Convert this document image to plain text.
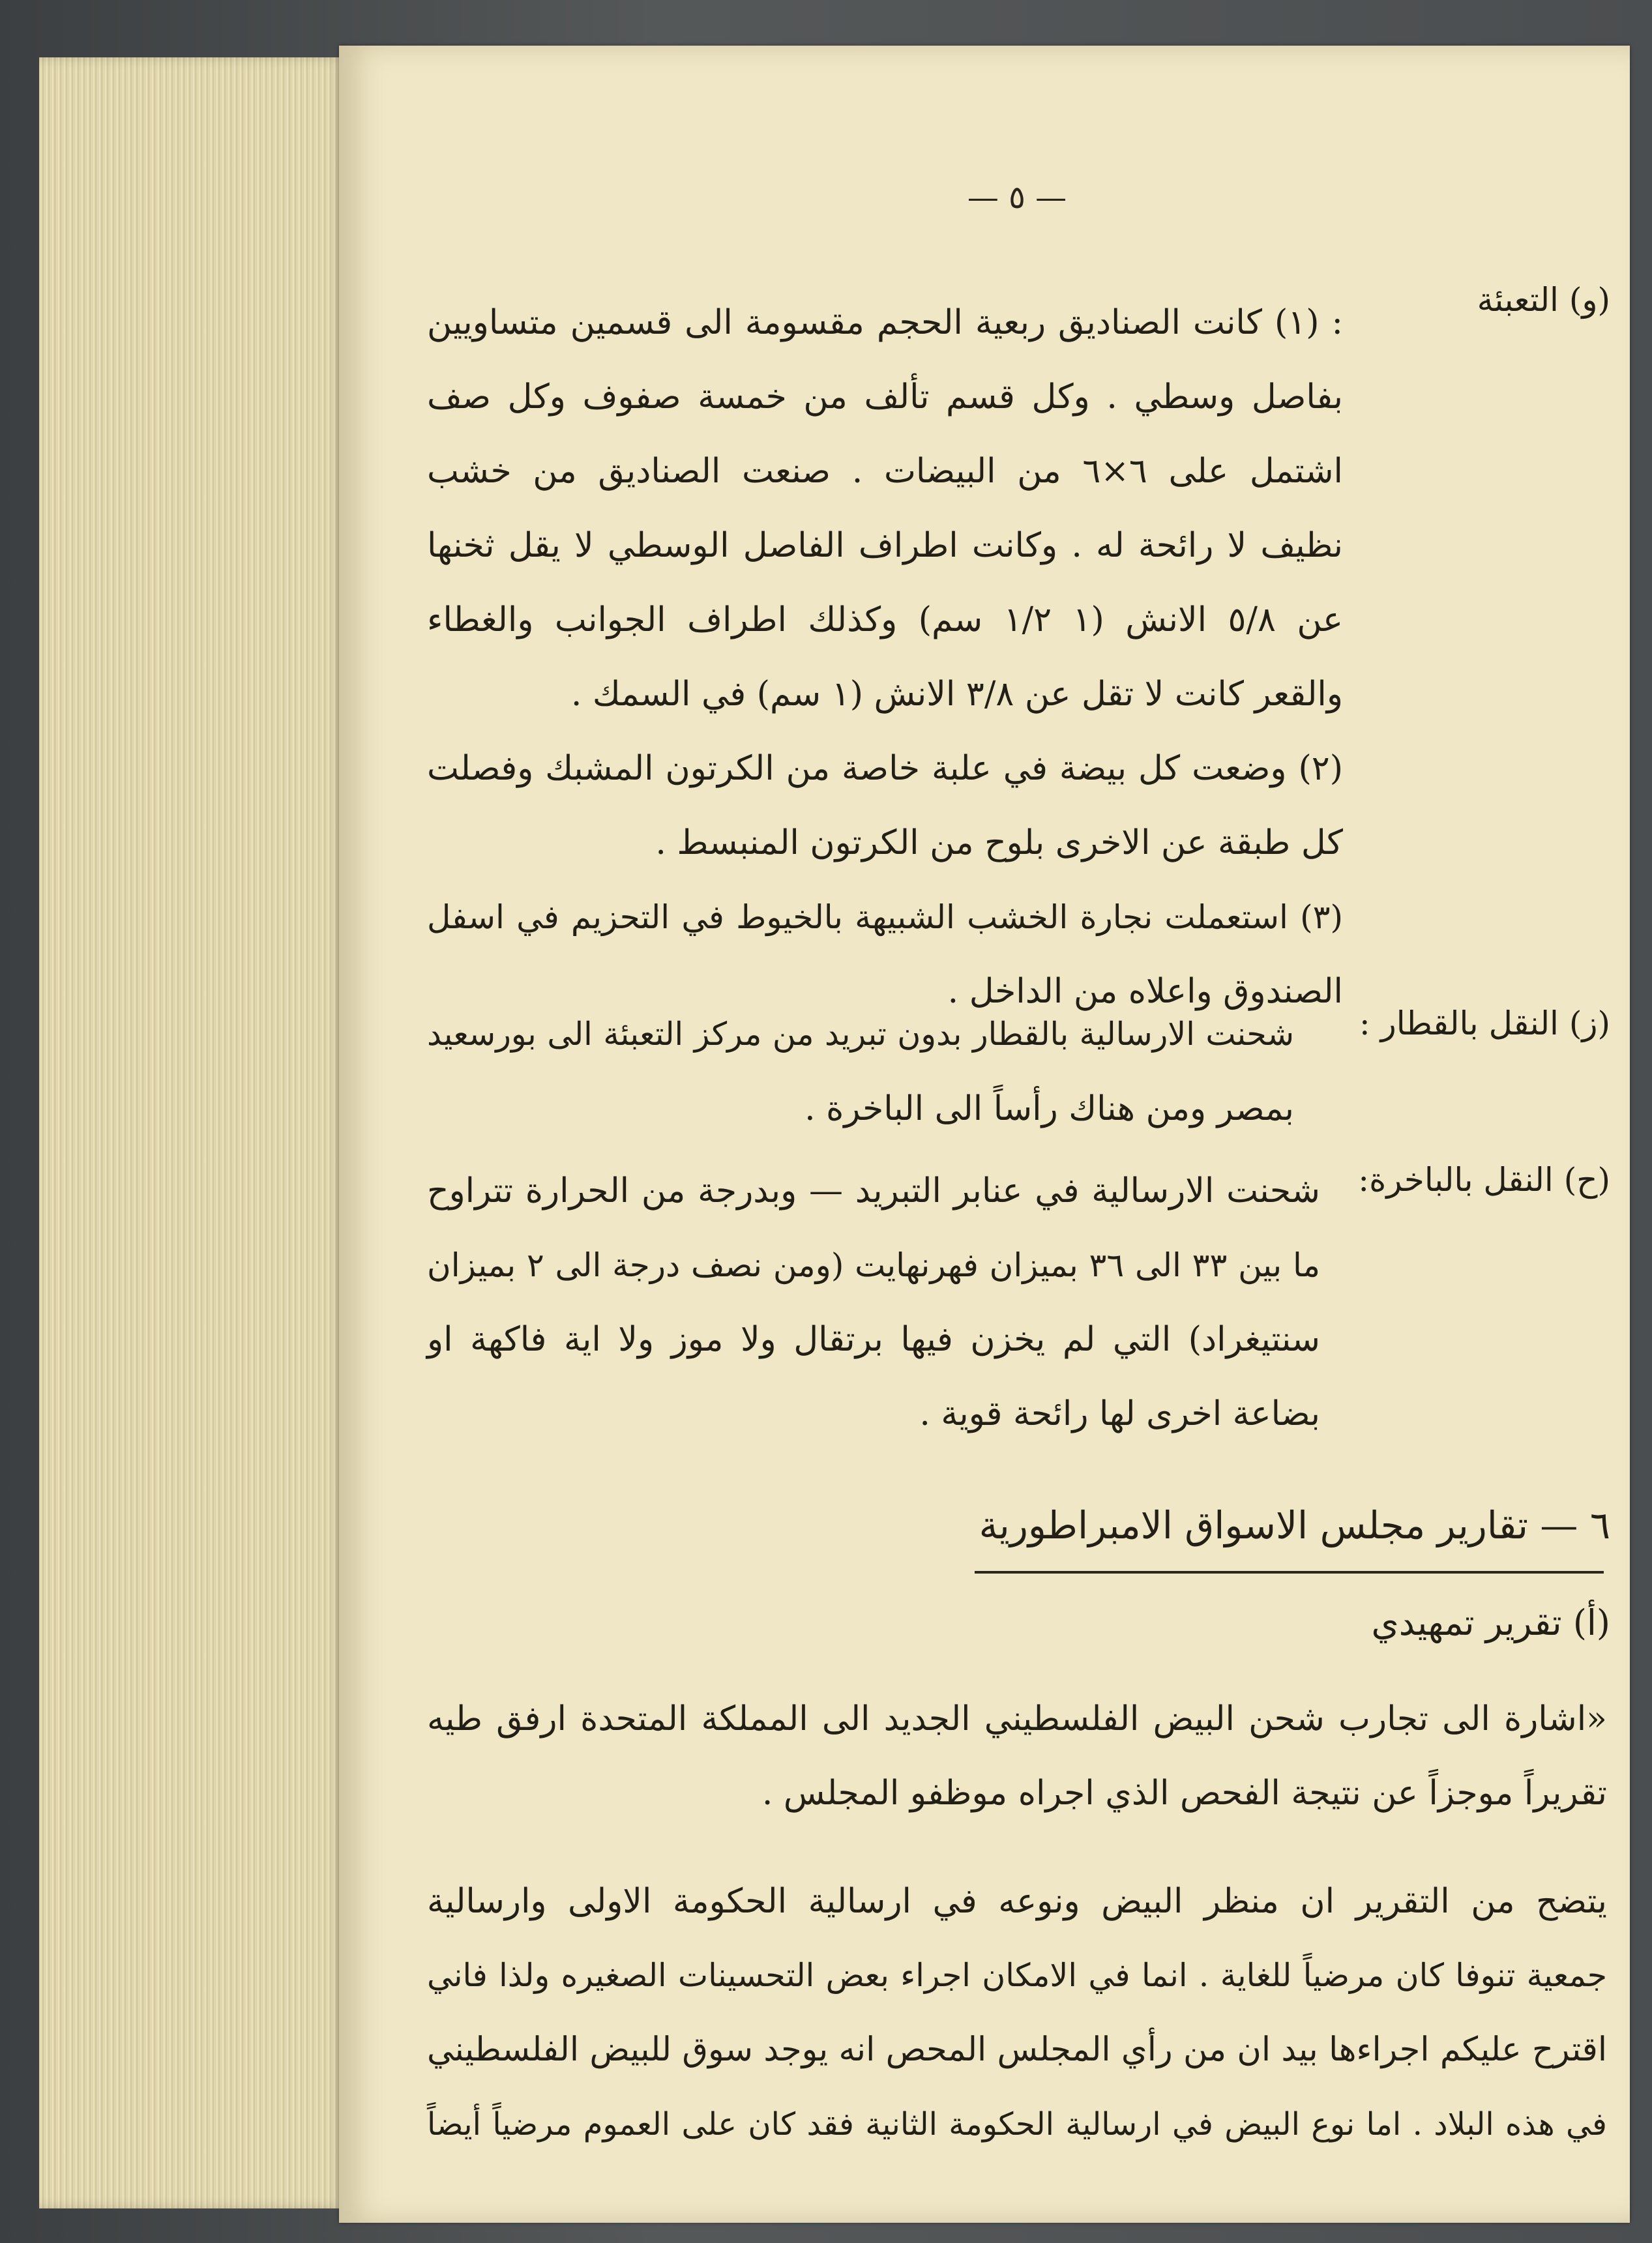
— ٥ —
(و) التعبئة
: (١) كانت الصناديق ربعية الحجم مقسومة الى قسمين متساويين
بفاصل وسطي . وكل قسم تألف من خمسة صفوف وكل صف
اشتمل على ٦×٦ من البيضات . صنعت الصناديق من خشب
نظيف لا رائحة له . وكانت اطراف الفاصل الوسطي لا يقل ثخنها
عن ٥/٨ الانش (١ ١/٢ سم) وكذلك اطراف الجوانب والغطاء
والقعر كانت لا تقل عن ٣/٨ الانش (١ سم) في السمك .
(٢) وضعت كل بيضة في علبة خاصة من الكرتون المشبك وفصلت
كل طبقة عن الاخرى بلوح من الكرتون المنبسط .
(٣) استعملت نجارة الخشب الشبيهة بالخيوط في التحزيم في اسفل
الصندوق واعلاه من الداخل .
(ز) النقل بالقطار :
شحنت الارسالية بالقطار بدون تبريد من مركز التعبئة الى بورسعيد
بمصر ومن هناك رأساً الى الباخرة .
(ح) النقل بالباخرة:
شحنت الارسالية في عنابر التبريد — وبدرجة من الحرارة تتراوح
ما بين ٣٣ الى ٣٦ بميزان فهرنهايت (ومن نصف درجة الى ٢ بميزان
سنتيغراد) التي لم يخزن فيها برتقال ولا موز ولا اية فاكهة او
بضاعة اخرى لها رائحة قوية .
٦ — تقارير مجلس الاسواق الامبراطورية
(أ) تقرير تمهيدي
«اشارة الى تجارب شحن البيض الفلسطيني الجديد الى المملكة المتحدة ارفق طيه
تقريراً موجزاً عن نتيجة الفحص الذي اجراه موظفو المجلس .
يتضح من التقرير ان منظر البيض ونوعه في ارسالية الحكومة الاولى وارسالية
جمعية تنوفا كان مرضياً للغاية . انما في الامكان اجراء بعض التحسينات الصغيره ولذا فاني
اقترح عليكم اجراءها بيد ان من رأي المجلس المحص انه يوجد سوق للبيض الفلسطيني
في هذه البلاد . اما نوع البيض في ارسالية الحكومة الثانية فقد كان على العموم مرضياً أيضاً
